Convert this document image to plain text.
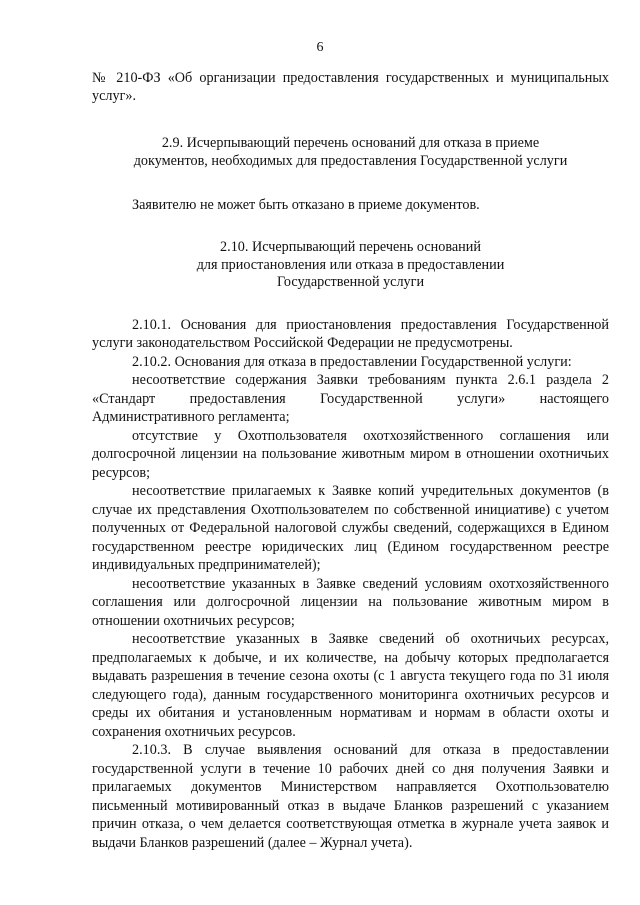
6

№ 210-ФЗ «Об организации предоставления государственных и муниципальных услуг».

2.9. Исчерпывающий перечень оснований для отказа в приеме

документов, необходимых для предоставления Государственной услуги

Заявителю не может быть отказано в приеме документов.

2.10. Исчерпывающий перечень оснований

для приостановления или отказа в предоставлении

Государственной услуги

2.10.1. Основания для приостановления предоставления Государственной услуги законодательством Российской Федерации не предусмотрены.

2.10.2. Основания для отказа в предоставлении Государственной услуги:

несоответствие содержания Заявки требованиям пункта 2.6.1 раздела 2 «Стандарт предоставления Государственной услуги» настоящего Административного регламента;

отсутствие у Охотпользователя охотхозяйственного соглашения или долгосрочной лицензии на пользование животным миром в отношении охотничьих ресурсов;

несоответствие прилагаемых к Заявке копий учредительных документов (в случае их представления Охотпользователем по собственной инициативе) с учетом полученных от Федеральной налоговой службы сведений, содержащихся в Едином государственном реестре юридических лиц (Едином государственном реестре индивидуальных предпринимателей);

несоответствие указанных в Заявке сведений условиям охотхозяйственного соглашения или долгосрочной лицензии на пользование животным миром в отношении охотничьих ресурсов;

несоответствие указанных в Заявке сведений об охотничьих ресурсах, предполагаемых к добыче, и их количестве, на добычу которых предполагается выдавать разрешения в течение сезона охоты (с 1 августа текущего года по 31 июля следующего года), данным государственного мониторинга охотничьих ресурсов и среды их обитания и установленным нормативам и нормам в области охоты и сохранения охотничьих ресурсов.

2.10.3. В случае выявления оснований для отказа в предоставлении государственной услуги в течение 10 рабочих дней со дня получения Заявки и прилагаемых документов Министерством направляется Охотпользователю письменный мотивированный отказ в выдаче Бланков разрешений с указанием причин отказа, о чем делается соответствующая отметка в журнале учета заявок и выдачи Бланков разрешений (далее – Журнал учета).
